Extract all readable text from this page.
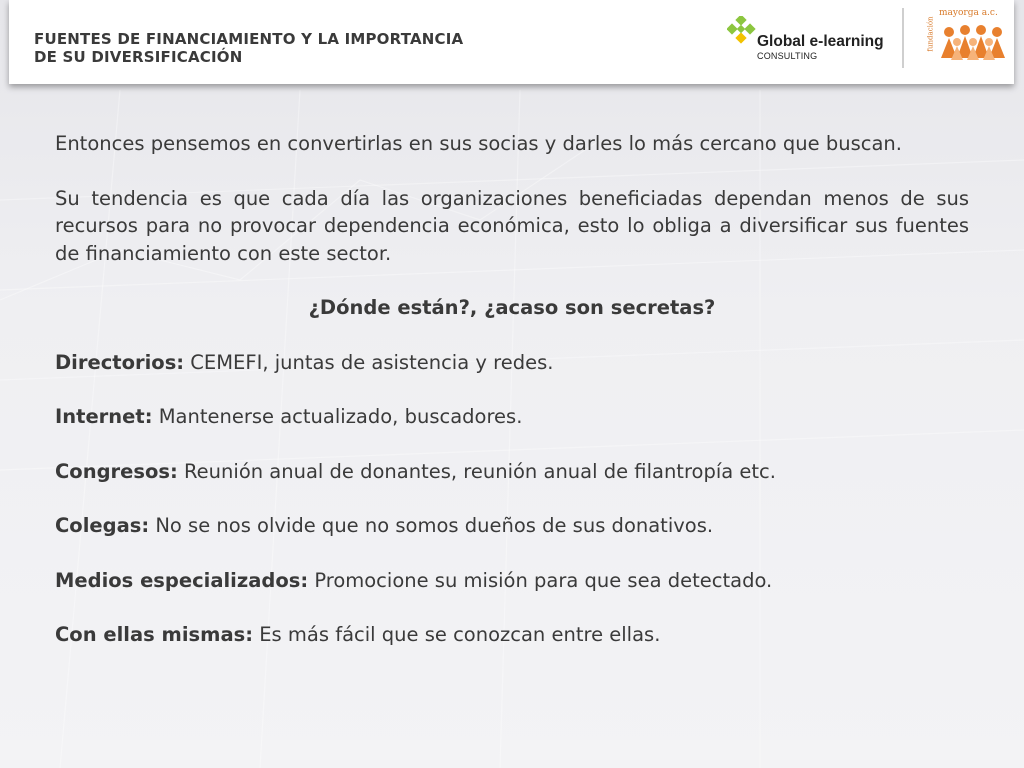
FUENTES DE FINANCIAMIENTO Y LA IMPORTANCIA
DE SU DIVERSIFICACIÓN
Global e-learning
CONSULTING
fundación
mayorga a.c.

Entonces pensemos en convertirlas en sus socias y darles lo más cercano que buscan.

Su tendencia es que cada día las organizaciones beneficiadas dependan menos de sus recursos para no provocar dependencia económica, esto lo obliga a diversificar sus fuentes de financiamiento con este sector.

¿Dónde están?, ¿acaso son secretas?

Directorios: CEMEFI, juntas de asistencia y redes.

Internet: Mantenerse actualizado, buscadores.

Congresos: Reunión anual de donantes, reunión anual de filantropía etc.

Colegas: No se nos olvide que no somos dueños de sus donativos.

Medios especializados: Promocione su misión para que sea detectado.

Con ellas mismas: Es más fácil que se conozcan entre ellas.
